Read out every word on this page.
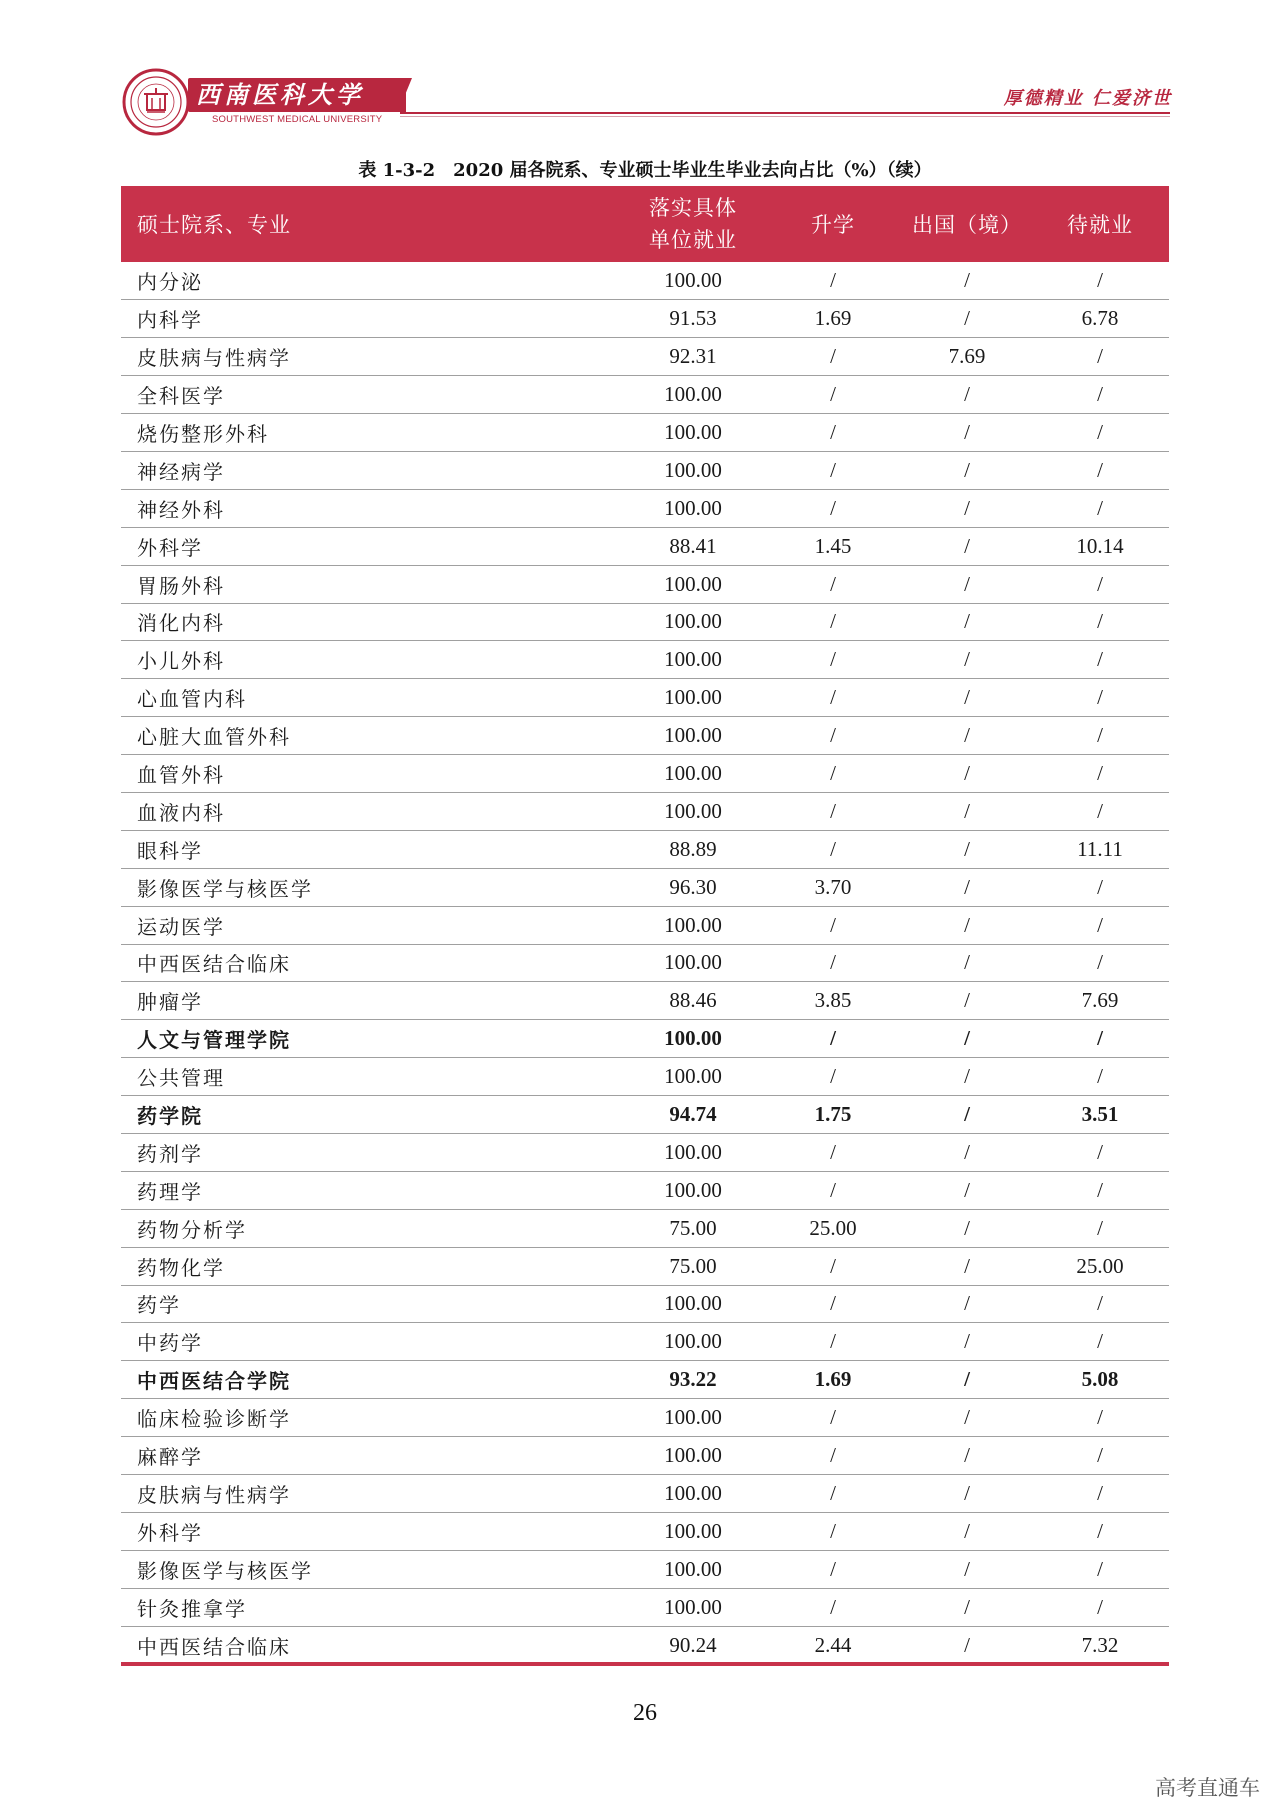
西南医科大学
SOUTHWEST MEDICAL UNIVERSITY
厚德精业 仁爱济世
表 1-3-2　2020 届各院系、专业硕士毕业生毕业去向占比（%）（续）
硕士院系、专业	落实具体
单位就业	升学	出国（境）	待就业
内分泌	100.00	/	/	/
内科学	91.53	1.69	/	6.78
皮肤病与性病学	92.31	/	7.69	/
全科医学	100.00	/	/	/
烧伤整形外科	100.00	/	/	/
神经病学	100.00	/	/	/
神经外科	100.00	/	/	/
外科学	88.41	1.45	/	10.14
胃肠外科	100.00	/	/	/
消化内科	100.00	/	/	/
小儿外科	100.00	/	/	/
心血管内科	100.00	/	/	/
心脏大血管外科	100.00	/	/	/
血管外科	100.00	/	/	/
血液内科	100.00	/	/	/
眼科学	88.89	/	/	11.11
影像医学与核医学	96.30	3.70	/	/
运动医学	100.00	/	/	/
中西医结合临床	100.00	/	/	/
肿瘤学	88.46	3.85	/	7.69
人文与管理学院	100.00	/	/	/
公共管理	100.00	/	/	/
药学院	94.74	1.75	/	3.51
药剂学	100.00	/	/	/
药理学	100.00	/	/	/
药物分析学	75.00	25.00	/	/
药物化学	75.00	/	/	25.00
药学	100.00	/	/	/
中药学	100.00	/	/	/
中西医结合学院	93.22	1.69	/	5.08
临床检验诊断学	100.00	/	/	/
麻醉学	100.00	/	/	/
皮肤病与性病学	100.00	/	/	/
外科学	100.00	/	/	/
影像医学与核医学	100.00	/	/	/
针灸推拿学	100.00	/	/	/
中西医结合临床	90.24	2.44	/	7.32
26
高考直通车
